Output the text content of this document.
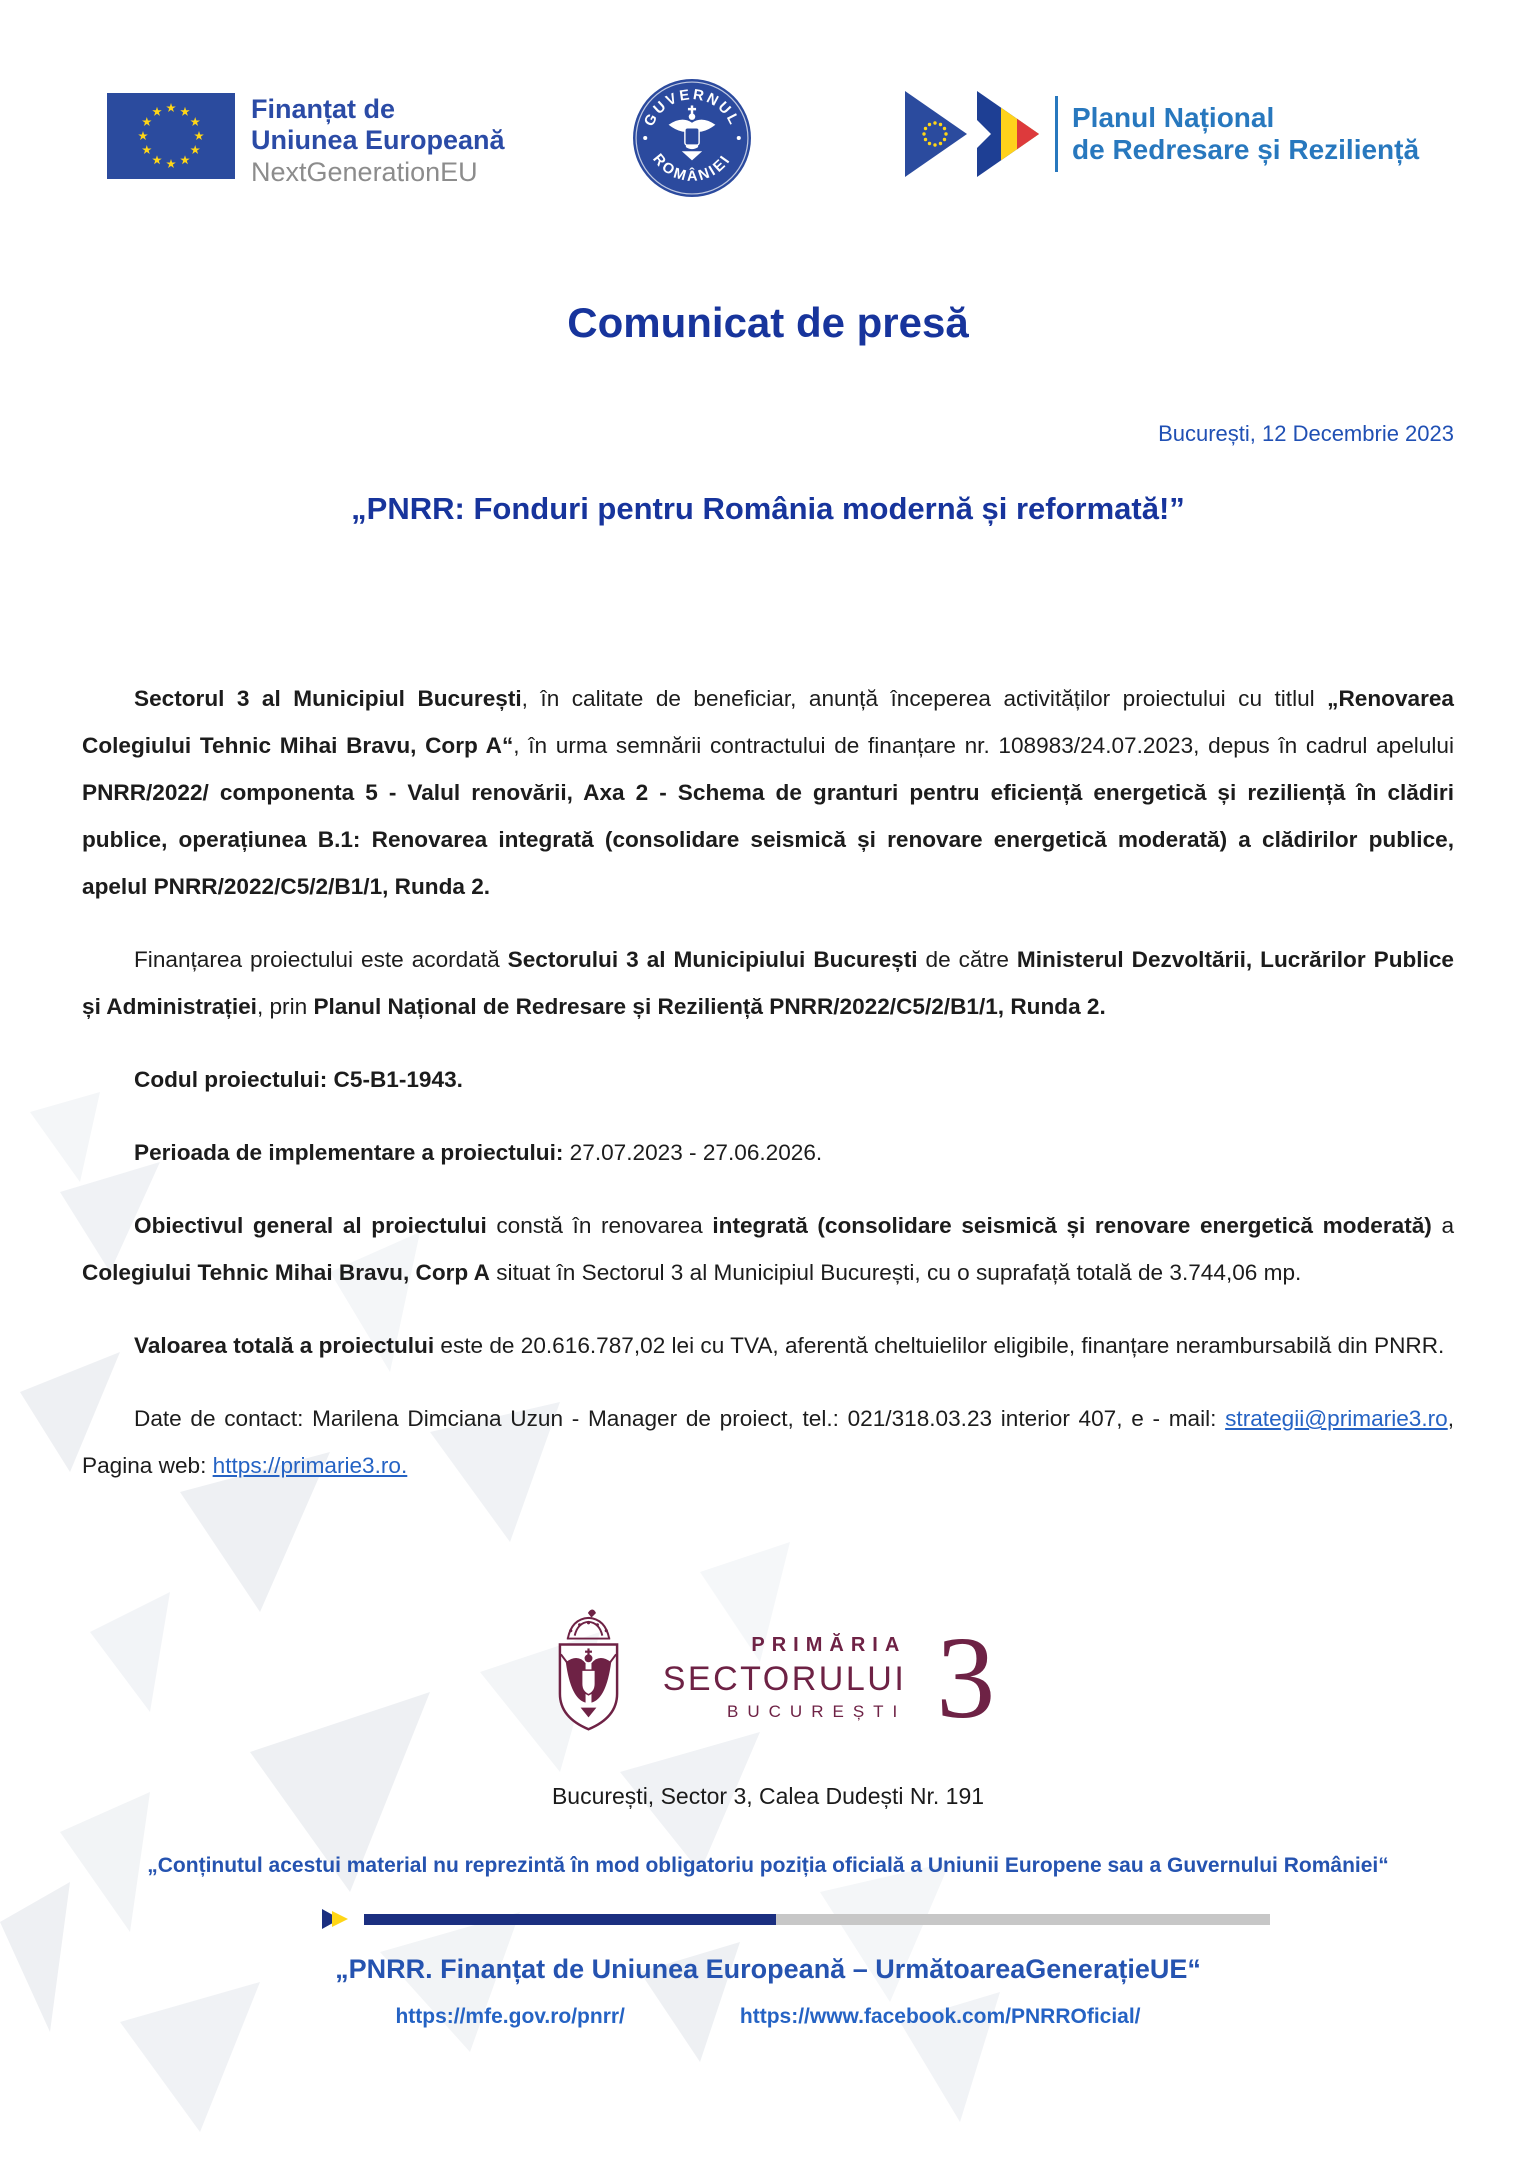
Finanțat de
Uniunea Europeană
NextGenerationEU
GUVERNUL
ROMÂNIEI
Planul Național
de Redresare și Reziliență
Comunicat de presă
București, 12 Decembrie 2023
„PNRR: Fonduri pentru România modernă și reformată!”

Sectorul 3 al Municipiul București, în calitate de beneficiar, anunță începerea activităților proiectului cu titlul „Renovarea Colegiului Tehnic Mihai Bravu, Corp A“, în urma semnării contractului de finanțare nr. 108983/24.07.2023, depus în cadrul apelului PNRR/2022/ componenta 5 - Valul renovării, Axa 2 - Schema de granturi pentru eficiență energetică și reziliență în clădiri publice, operațiunea B.1: Renovarea integrată (consolidare seismică și renovare energetică moderată) a clădirilor publice, apelul PNRR/2022/C5/2/B1/1, Runda 2.

Finanțarea proiectului este acordată Sectorului 3 al Municipiului București de către Ministerul Dezvoltării, Lucrărilor Publice și Administrației, prin Planul Național de Redresare și Reziliență PNRR/2022/C5/2/B1/1, Runda 2.

Codul proiectului: C5-B1-1943.

Perioada de implementare a proiectului: 27.07.2023 - 27.06.2026.

Obiectivul general al proiectului constă în renovarea integrată (consolidare seismică și renovare energetică moderată) a Colegiului Tehnic Mihai Bravu, Corp A situat în Sectorul 3 al Municipiul București, cu o suprafață totală de 3.744,06 mp.

Valoarea totală a proiectului este de 20.616.787,02 lei cu TVA, aferentă cheltuielilor eligibile, finanțare nerambursabilă din PNRR.

Date de contact: Marilena Dimciana Uzun - Manager de proiect, tel.: 021/318.03.23 interior 407, e - mail: strategii@primarie3.ro, Pagina web: https://primarie3.ro.

PRIMĂRIA
SECTORULUI
BUCUREȘTI 3
București, Sector 3, Calea Dudești Nr. 191
„Conținutul acestui material nu reprezintă în mod obligatoriu poziția oficială a Uniunii Europene sau a Guvernului României“
„PNRR. Finanțat de Uniunea Europeană – UrmătoareaGenerațieUE“
https://mfe.gov.ro/pnrr/	https://www.facebook.com/PNRROficial/
